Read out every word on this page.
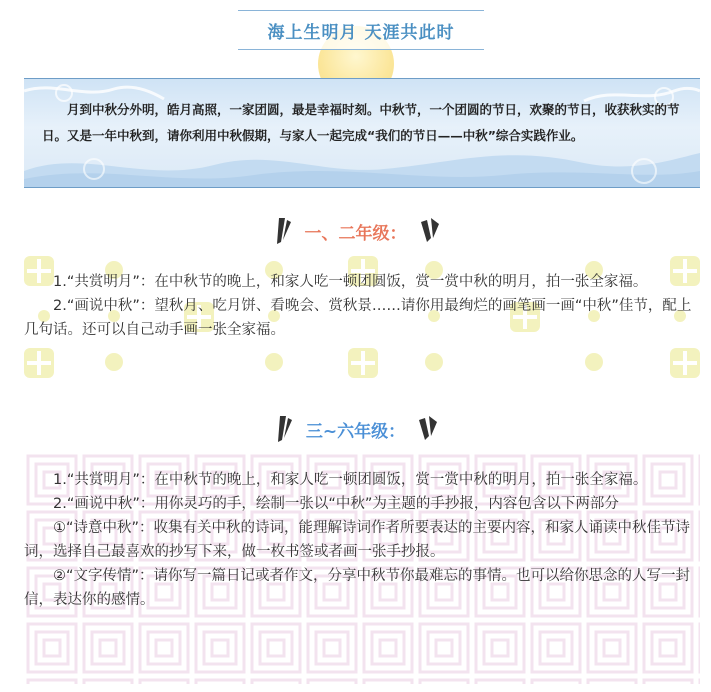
海上生明月 天涯共此时

月到中秋分外明，皓月高照，一家团圆，最是幸福时刻。中秋节，一个团圆的节日，欢聚的节日，收获秋实的节日。又是一年中秋到，请你利用中秋假期，与家人一起完成“我们的节日——中秋”综合实践作业。

一、二年级：

1.“共赏明月”：在中秋节的晚上，和家人吃一顿团圆饭，赏一赏中秋的明月，拍一张全家福。

2.“画说中秋”：望秋月、吃月饼、看晚会、赏秋景……请你用最绚烂的画笔画一画“中秋”佳节，配上几句话。还可以自己动手画一张全家福。

三~六年级：

1.“共赏明月”：在中秋节的晚上，和家人吃一顿团圆饭，赏一赏中秋的明月，拍一张全家福。

2.“画说中秋”：用你灵巧的手，绘制一张以“中秋”为主题的手抄报，内容包含以下两部分

①“诗意中秋”：收集有关中秋的诗词，能理解诗词作者所要表达的主要内容，和家人诵读中秋佳节诗词，选择自己最喜欢的抄写下来，做一枚书签或者画一张手抄报。

②“文字传情”：请你写一篇日记或者作文，分享中秋节你最难忘的事情。也可以给你思念的人写一封信，表达你的感情。
